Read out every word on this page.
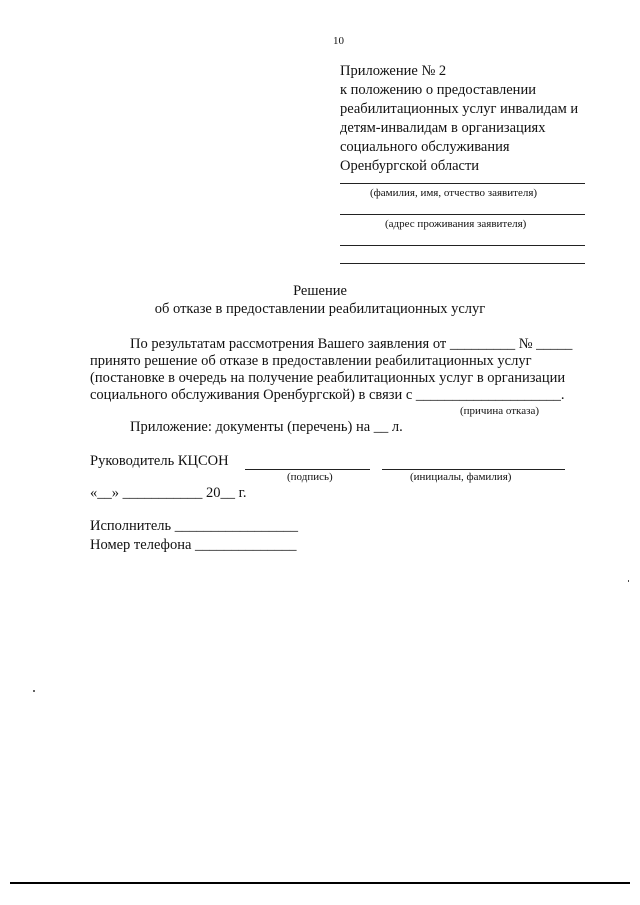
10
Приложение № 2
к положению о предоставлении
реабилитационных услуг инвалидам и
детям-инвалидам в организациях
социального обслуживания
Оренбургской области
(фамилия, имя, отчество заявителя)
(адрес проживания заявителя)
Решение
об отказе в предоставлении реабилитационных услуг
По результатам рассмотрения Вашего заявления от _________ № _____
принято решение об отказе в предоставлении реабилитационных услуг
(постановке в очередь на получение реабилитационных услуг в организации
социального обслуживания Оренбургской) в связи с ____________________.
(причина отказа)
Приложение: документы (перечень) на __ л.
Руководитель КЦСОН
(подпись)	(инициалы, фамилия)
«__» ___________ 20__ г.
Исполнитель _________________
Номер телефона ______________
